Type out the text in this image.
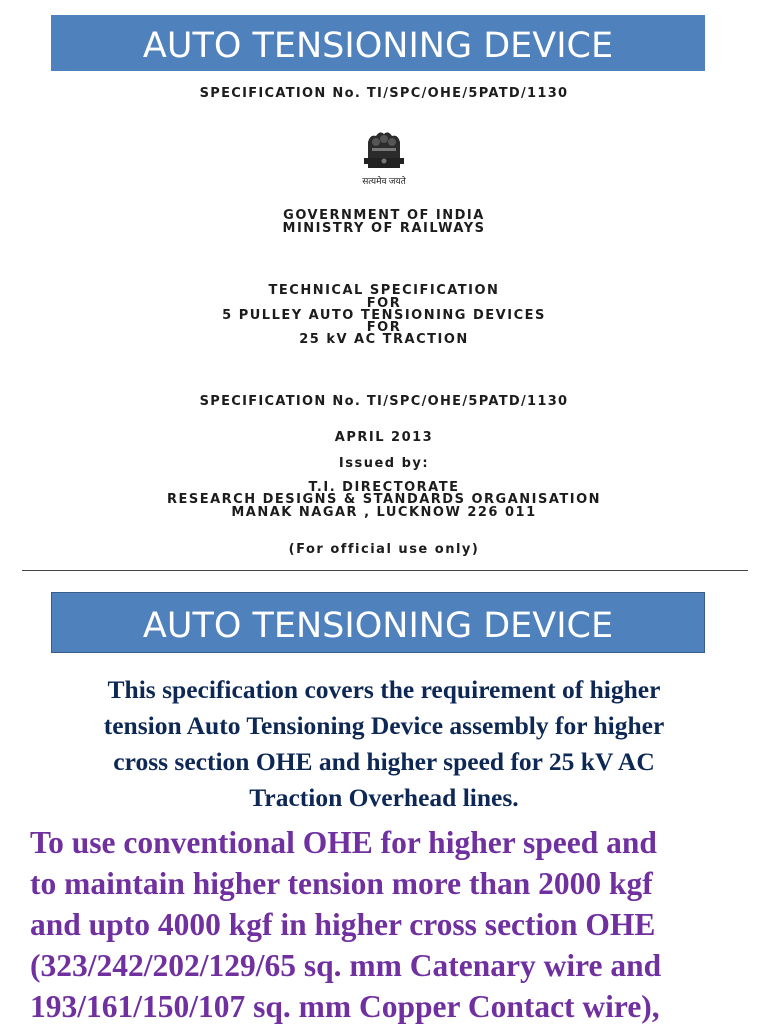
AUTO TENSIONING DEVICE
SPECIFICATION No. TI/SPC/OHE/5PATD/1130
सत्यमेव जयते
GOVERNMENT OF INDIA
MINISTRY OF RAILWAYS
TECHNICAL SPECIFICATION
FOR
5 PULLEY AUTO TENSIONING DEVICES
FOR
25 kV AC TRACTION
SPECIFICATION No. TI/SPC/OHE/5PATD/1130
APRIL 2013
Issued by:
T.I. DIRECTORATE
RESEARCH DESIGNS & STANDARDS ORGANISATION
MANAK NAGAR , LUCKNOW 226 011
(For official use only)
AUTO TENSIONING DEVICE
This specification covers the requirement of higher
tension Auto Tensioning Device assembly for higher
cross section OHE and higher speed for 25 kV AC
Traction Overhead lines.
To use conventional OHE for higher speed and
to maintain higher tension more than 2000 kgf
and upto 4000 kgf in higher cross section OHE
(323/242/202/129/65 sq. mm Catenary wire and
193/161/150/107 sq. mm Copper Contact wire),
